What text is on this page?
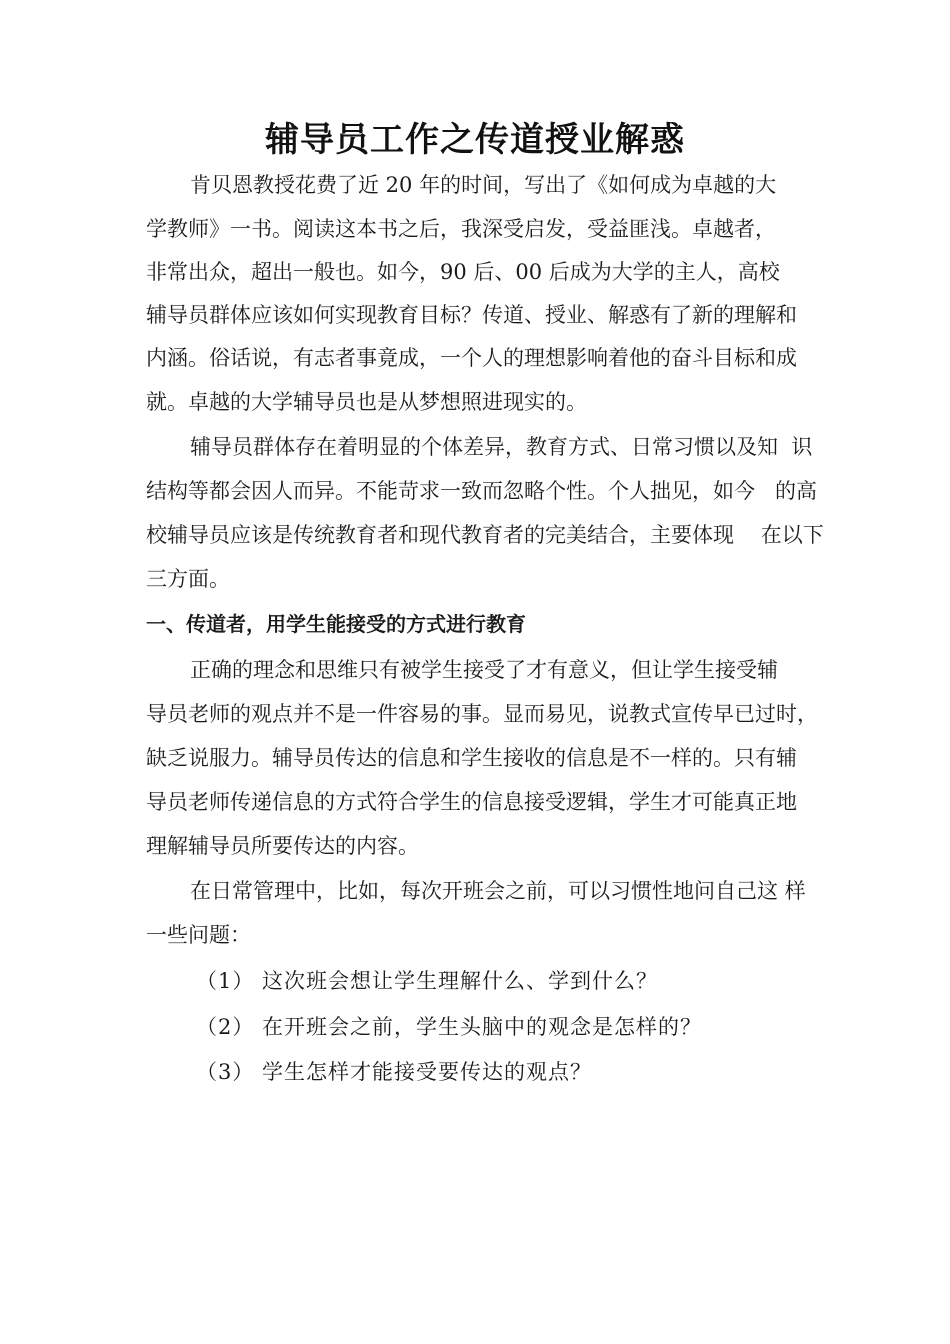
辅导员工作之传道授业解惑
肯贝恩教授花费了近 20 年的时间，写出了《如何成为卓越的大
学教师》一书。阅读这本书之后，我深受启发，受益匪浅。卓越者，
非常出众，超出一般也。如今，90 后、00 后成为大学的主人，高校
辅导员群体应该如何实现教育目标？传道、授业、解惑有了新的理解和
内涵。俗话说，有志者事竟成，一个人的理想影响着他的奋斗目标和成
就。卓越的大学辅导员也是从梦想照进现实的。
辅导员群体存在着明显的个体差异，教育方式、日常习惯以及知  识
结构等都会因人而异。不能苛求一致而忽略个性。个人拙见，如今   的高
校辅导员应该是传统教育者和现代教育者的完美结合，主要体现    在以下
三方面。
一、传道者，用学生能接受的方式进行教育
正确的理念和思维只有被学生接受了才有意义，但让学生接受辅
导员老师的观点并不是一件容易的事。显而易见，说教式宣传早已过时，
缺乏说服力。辅导员传达的信息和学生接收的信息是不一样的。只有辅
导员老师传递信息的方式符合学生的信息接受逻辑，学生才可能真正地
理解辅导员所要传达的内容。
在日常管理中，比如，每次开班会之前，可以习惯性地问自己这 样
一些问题：
（1） 这次班会想让学生理解什么、学到什么？
（2） 在开班会之前，学生头脑中的观念是怎样的？
（3） 学生怎样才能接受要传达的观点？
